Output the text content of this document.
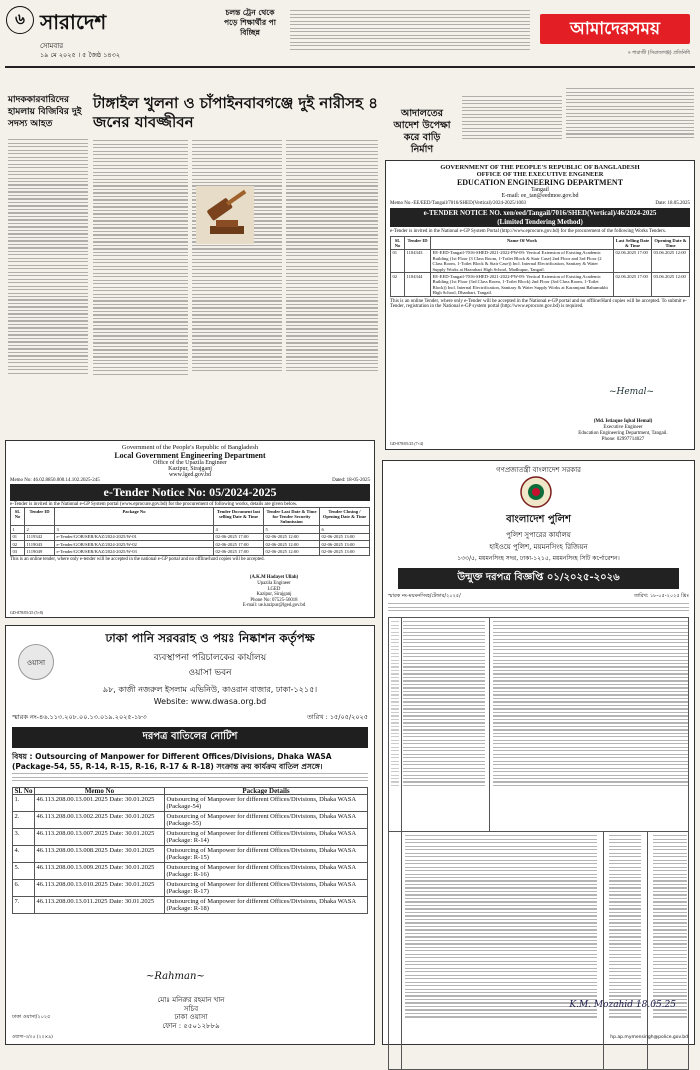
৬ সারাদেশ
সোমবার
১৯ মে ২০২৫ । ৫ জৈষ্ঠ ১৪৩২
চলন্ত ট্রেন থেকে পড়ে শিক্ষার্থীর পা বিচ্ছিন্ন	আমাদেরসময়
» শারাজী (সিরাজগঞ্জ) প্রতিনিধি
মাদককারবারিদের হামলায় বিজিবির দুই সদস্য আহত
টাঙ্গাইল খুলনা ও চাঁপাইনবাবগঞ্জে দুই নারীসহ ৪ জনের যাবজ্জীবন	আদালতের আদেশ উপেক্ষা করে বাড়ি নির্মাণ
GOVERNMENT OF THE PEOPLE'S REPUBLIC OF BANGLADESH
OFFICE OF THE EXECUTIVE ENGINEER
EDUCATION ENGINEERING DEPARTMENT
Tangail
E-mail: ee_tan@eedmoe.gov.bd
Memo No.-EE/EED/Tangail/7016/SHED(Vertical)/2024-2025/1003	Date: 18.05.2025
e-TENDER NOTICE NO. xen/eed/Tangail/7016/SHED(Vertical)/46/2024-2025
(Limited Tendering Method)
e-Tender is invited in the National e-GP System Portal (http://www.eprocure.gov.bd) for the procurement of the following Works Tenders.
SL No	Tender ID	Name Of Work	Last Selling Date & Time	Opening Date & Time
01	1104343	EE-EED-Tangail-7016-SHED-2021-2022-PW-09: Vertical Extension of Existing Academic Building (1st Floor (3 Class Room, 1-Toilet Block & Stair Case) 2nd Floor and 3rd Floor (2 Class Room, 1-Toilet Block & Stair Case)) Incl. Internal Electrification, Sanitary & Water Supply Works at Hazrabari High School, Madhupur, Tangail.	02.06.2025 17:00	03.06.2025 12:00
02	1104344	EE-EED-Tangail-7016-SHED-2021-2022-PW-09: Vertical Extension of Existing Academic Building (1st Floor (3rd Class Room, 1-Toilet Block) 2nd Floor (3rd Class Room, 1-Toilet Block)) Incl. Internal Electrification, Sanitary & Water Supply Works at Karamjani Bahumukhi High School, Dhanbari, Tangail.	02.06.2025 17:00	03.06.2025 12:00
This is an online Tender, where only e-Tender will be accepted in the National e-GP portal and no offline/Hard copies will be accepted. To submit e-Tender, registration in the National e-GP system portal (http://www.eprocure.gov.bd) is required.
~Hemal~
(Md. Istiaque Iqbal Hemal)
Executive Engineer
Education Engineering Department, Tangail.
Phone: 02997714027
GD-878/05/25 (7×4)
Government of the People's Republic of Bangladesh
Local Government Engineering Department
Office of the Upazila Engineer
Kazipur, Sirajganj
www.lged.gov.bd
Memo No: 46.02.8850.000.14.102.2025-245	Dated: 18-05-2025
e-Tender Notice No: 05/2024-2025
e-Tender is invited in the National e-GP System portal (www.eprocure.gov.bd) for the procurement of following works, details are given below.
SL No	Tender ID	Package No	Tender Document last selling Date & Time	Tender Last Date & Time for Tender Security Submission	Tender Closing / Opening Date & Time
1	2	3	4	5	6
01	1119342	e-Tender/GOB/SER/KAZ/2024-2025/W-01	02-06-2025 17:00	02-06-2025 12:00	02-06-2025 13:00
02	1119043	e-Tender/GOB/SER/KAZ/2024-2025/W-02	02-06-2025 17:00	02-06-2025 12:00	02-06-2025 13:00
03	1119049	e-Tender/GOB/SER/KAZ/2024-2025/W-03	02-06-2025 17:00	02-06-2025 12:00	02-06-2025 13:00
This is an online tender, where only e-tender will be accepted in the national e-GP portal and no offline/hard copies will be accepted.
(A.K.M Hadayet Ullah)
Upazila Engineer
LGED
Kazipur, Sirajganj
Phone No: 07525-56018
E-mail: ue.kazipur@lged.gov.bd
GD-878/05/25 (5×8)
ওয়াসা
ঢাকা পানি সরবরাহ ও পয়ঃ নিষ্কাশন কর্তৃপক্ষ
ব্যবস্থাপনা পরিচালকের কার্যালয়
ওয়াসা ভবন
৯৮, কাজী নজরুল ইসলাম এভিনিউ, কাওরান বাজার, ঢাকা-১২১৫।
Website: www.dwasa.org.bd
স্মারক নং-৪৬.১১৩.২০৮.০০.১৩.০১৯.২০২৫-১৮৩	তারিখ : ১৫/০৫/২০২৫
দরপত্র বাতিলের নোটিশ
বিষয় : Outsourcing of Manpower for Different Offices/Divisions, Dhaka WASA (Package-54, 55, R-14, R-15, R-16, R-17 & R-18) সংক্রান্ত ক্রয় কার্যক্রম বাতিল প্রসঙ্গে।
Sl. No	Memo No	Package Details
1.	46.113.208.00.13.001.2025 Date: 30.01.2025	Outsourcing of Manpower for different Offices/Divisions, Dhaka WASA (Package-54)
2.	46.113.208.00.13.002.2025 Date: 30.01.2025	Outsourcing of Manpower for different Offices/Divisions, Dhaka WASA (Package-55)
3.	46.113.208.00.13.007.2025 Date: 30.01.2025	Outsourcing of Manpower for different Offices/Divisions, Dhaka WASA (Package: R-14)
4.	46.113.208.00.13.008.2025 Date: 30.01.2025	Outsourcing of Manpower for different Offices/Divisions, Dhaka WASA (Package: R-15)
5.	46.113.208.00.13.009.2025 Date: 30.01.2025	Outsourcing of Manpower for different Offices/Divisions, Dhaka WASA (Package: R-16)
6.	46.113.208.00.13.010.2025 Date: 30.01.2025	Outsourcing of Manpower for different Offices/Divisions, Dhaka WASA (Package: R-17)
7.	46.113.208.00.13.011.2025 Date: 30.01.2025	Outsourcing of Manpower for different Offices/Divisions, Dhaka WASA (Package: R-18)
~Rahman~
মোঃ মনিরুর রহমান খান
সচিব
ঢাকা ওয়াসা
ফোন : ৫৫০১২৮৮৯
ঢাকা ওয়াসা/২০২৫
ওয়াসা-৩/০৫ (২০×৯)
গণপ্রজাতন্ত্রী বাংলাদেশ সরকার
বাংলাদেশ পুলিশ
পুলিশ সুপারের কার্যালয়
হাইওয়ে পুলিশ, ময়মনসিংহ রিজিয়ন
১৩৩/৫, ময়মনসিংহ সদর, ঢাকা-১২১৫, ময়মনসিংহ সিটি কর্পোরেশন।
উন্মুক্ত দরপত্র বিজ্ঞপ্তি ০১/২০২৫-২০২৬
স্মারক নং-ময়মনসিংহ/টেন্ডার/২০২৫/	তারিখ: ১৮-০৫-২০২৫ খ্রিঃ
K.M. Mozahid 18.05.25
hp.ap.mymensingh@police.gov.bd
